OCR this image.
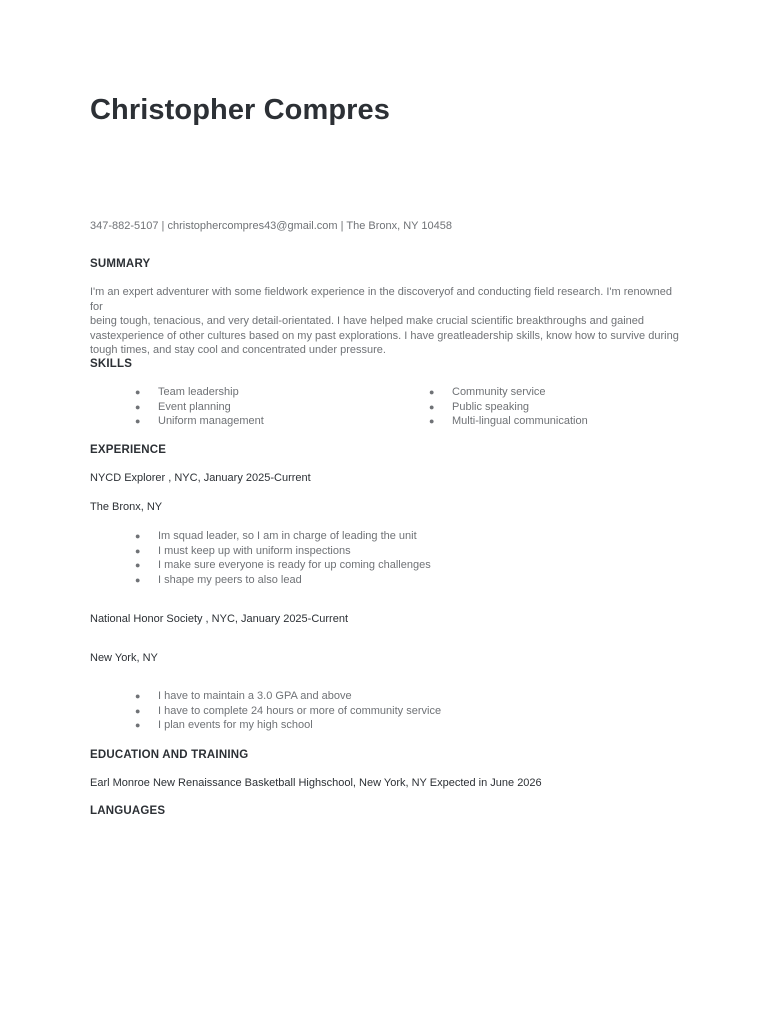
Christopher Compres

347-882-5107 | christophercompres43@gmail.com | The Bronx, NY 10458

SUMMARY
I'm an expert adventurer with some fieldwork experience in the discoveryof and conducting field research. I'm renowned for
being tough, tenacious, and very detail-orientated. I have helped make crucial scientific breakthroughs and gained
vastexperience of other cultures based on my past explorations. I have greatleadership skills, know how to survive during
tough times, and stay cool and concentrated under pressure.
SKILLS
● Team leadership
● Event planning
● Uniform management
● Community service
● Public speaking
● Multi-lingual communication
EXPERIENCE

NYCD Explorer , NYC, January 2025-Current

The Bronx, NY

● Im squad leader, so I am in charge of leading the unit
● I must keep up with uniform inspections
● I make sure everyone is ready for up coming challenges
● I shape my peers to also lead

National Honor Society , NYC, January 2025-Current

New York, NY

● I have to maintain a 3.0 GPA and above
● I have to complete 24 hours or more of community service
● I plan events for my high school
EDUCATION AND TRAINING

Earl Monroe New Renaissance Basketball Highschool, New York, NY Expected in June 2026

LANGUAGES
